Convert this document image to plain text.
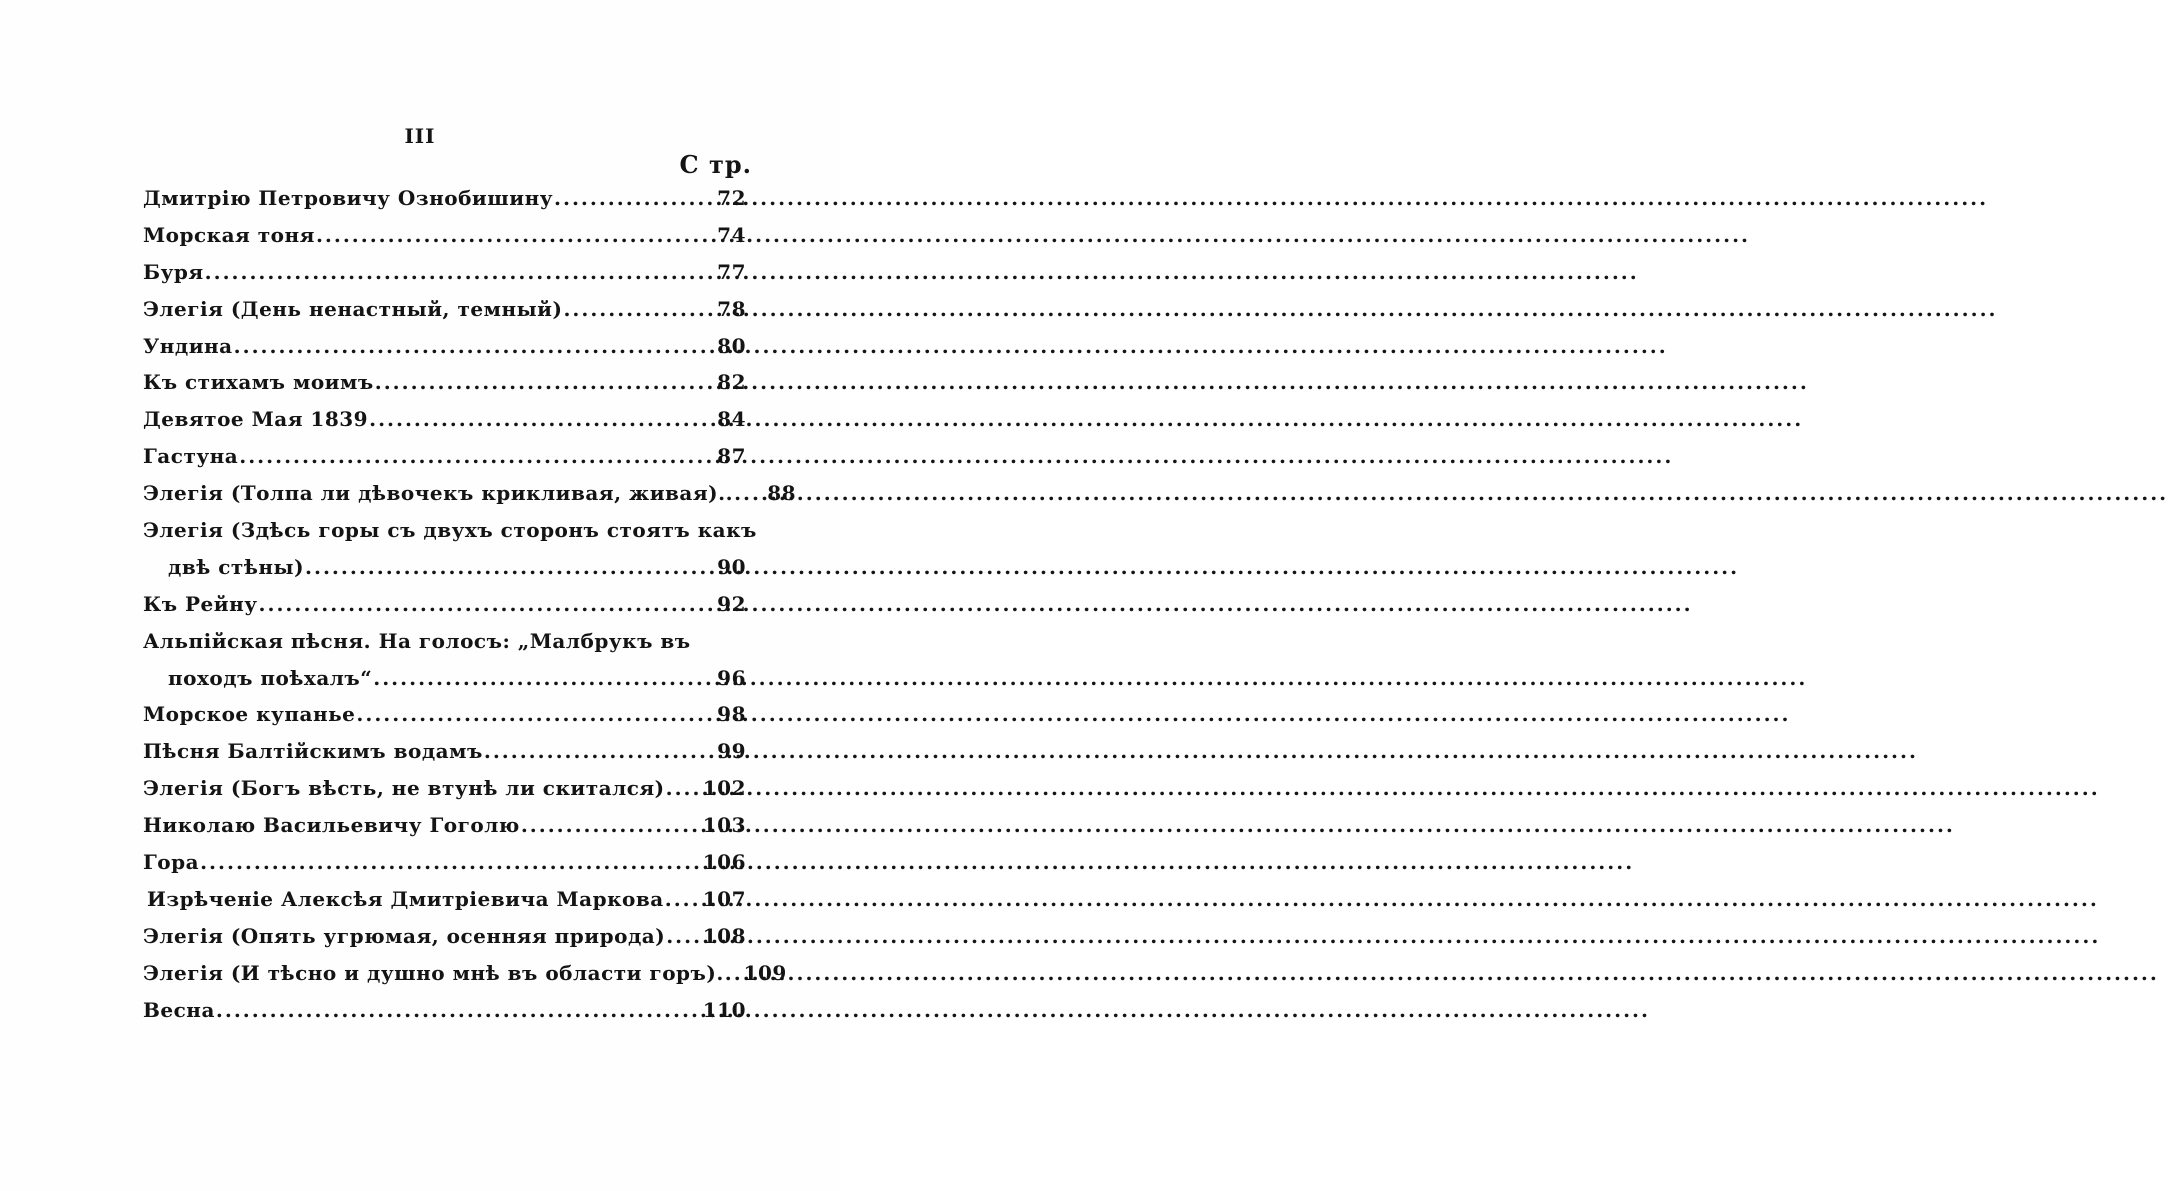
III
С тр.
Дмитрію Петровичу Ознобишину .....	72
Морская тоня .....	74
Буря .....	77
Элегія (День ненастный, темный) .....	78
Ундина .....	80
Къ стихамъ моимъ .....	82
Девятое Мая 1839 .....	84
Гастуна .....	87
Элегія (Толпа ли дѣвочекъ крикливая, живая).. .....	88
Элегія (Здѣсь горы съ двухъ сторонъ стоятъ какъ
двѣ стѣны) .....	90
Къ Рейну .....	92
Альпійская пѣсня. На голосъ: „Малбрукъ въ
походъ поѣхалъ“ .....	96
Морское купанье .....	98
Пѣсня Балтійскимъ водамъ .....	99
Элегія (Богъ вѣсть, не втунѣ ли скитался) ..... 102
Николаю Васильевичу Гоголю .....	103
Гора .....	106
Изрѣченіе Алексѣя Дмитріевича Маркова ..... 107
Элегія (Опять угрюмая, осенняя природа) ..... 108
Элегія (И тѣсно и душно мнѣ въ области горъ). ..... 109
Весна .....	110
